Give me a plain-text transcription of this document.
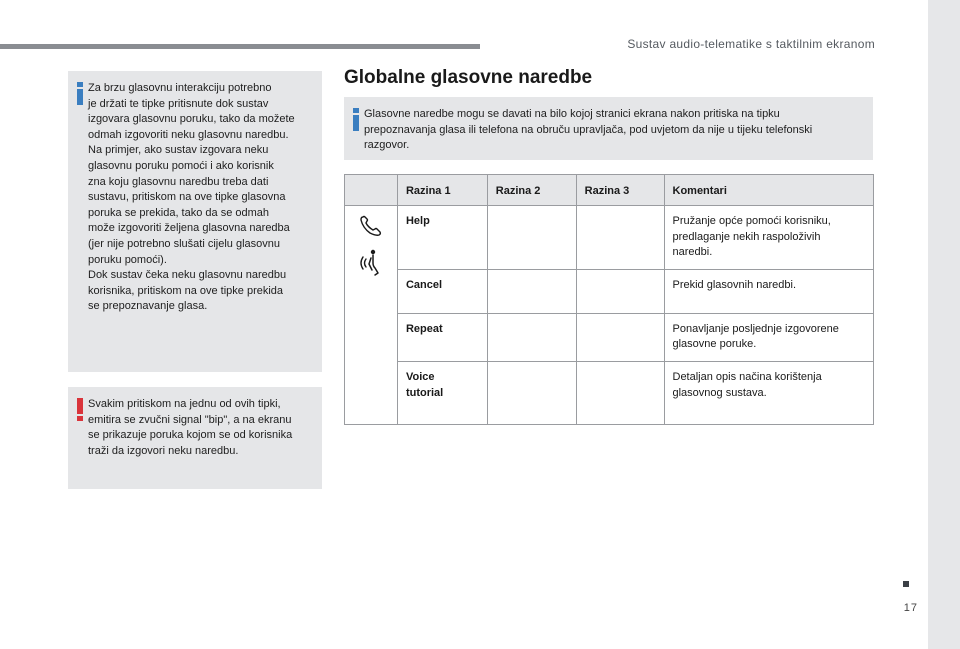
Sustav audio-telematike s taktilnim ekranom
17
Za brzu glasovnu interakciju potrebno
je držati te tipke pritisnute dok sustav
izgovara glasovnu poruku, tako da možete
odmah izgovoriti neku glasovnu naredbu.
Na primjer, ako sustav izgovara neku
glasovnu poruku pomoći i ako korisnik
zna koju glasovnu naredbu treba dati
sustavu, pritiskom na ove tipke glasovna
poruka se prekida, tako da se odmah
može izgovoriti željena glasovna naredba
(jer nije potrebno slušati cijelu glasovnu
poruku pomoći).
Dok sustav čeka neku glasovnu naredbu
korisnika, pritiskom na ove tipke prekida
se prepoznavanje glasa.
Svakim pritiskom na jednu od ovih tipki,
emitira se zvučni signal "bip", a na ekranu
se prikazuje poruka kojom se od korisnika
traži da izgovori neku naredbu.
Globalne glasovne naredbe
Glasovne naredbe mogu se davati na bilo kojoj stranici ekrana nakon pritiska na tipku
prepoznavanja glasa ili telefona na obruču upravljača, pod uvjetom da nije u tijeku telefonski
razgovor.
	Razina 1	Razina 2	Razina 3	Komentari

	Help			Pružanje opće pomoći korisniku,
predlaganje nekih raspoloživih
naredbi.
	Cancel			Prekid glasovnih naredbi.
	Repeat			Ponavljanje posljednje izgovorene
glasovne poruke.
	Voice
tutorial			Detaljan opis načina korištenja
glasovnog sustava.
